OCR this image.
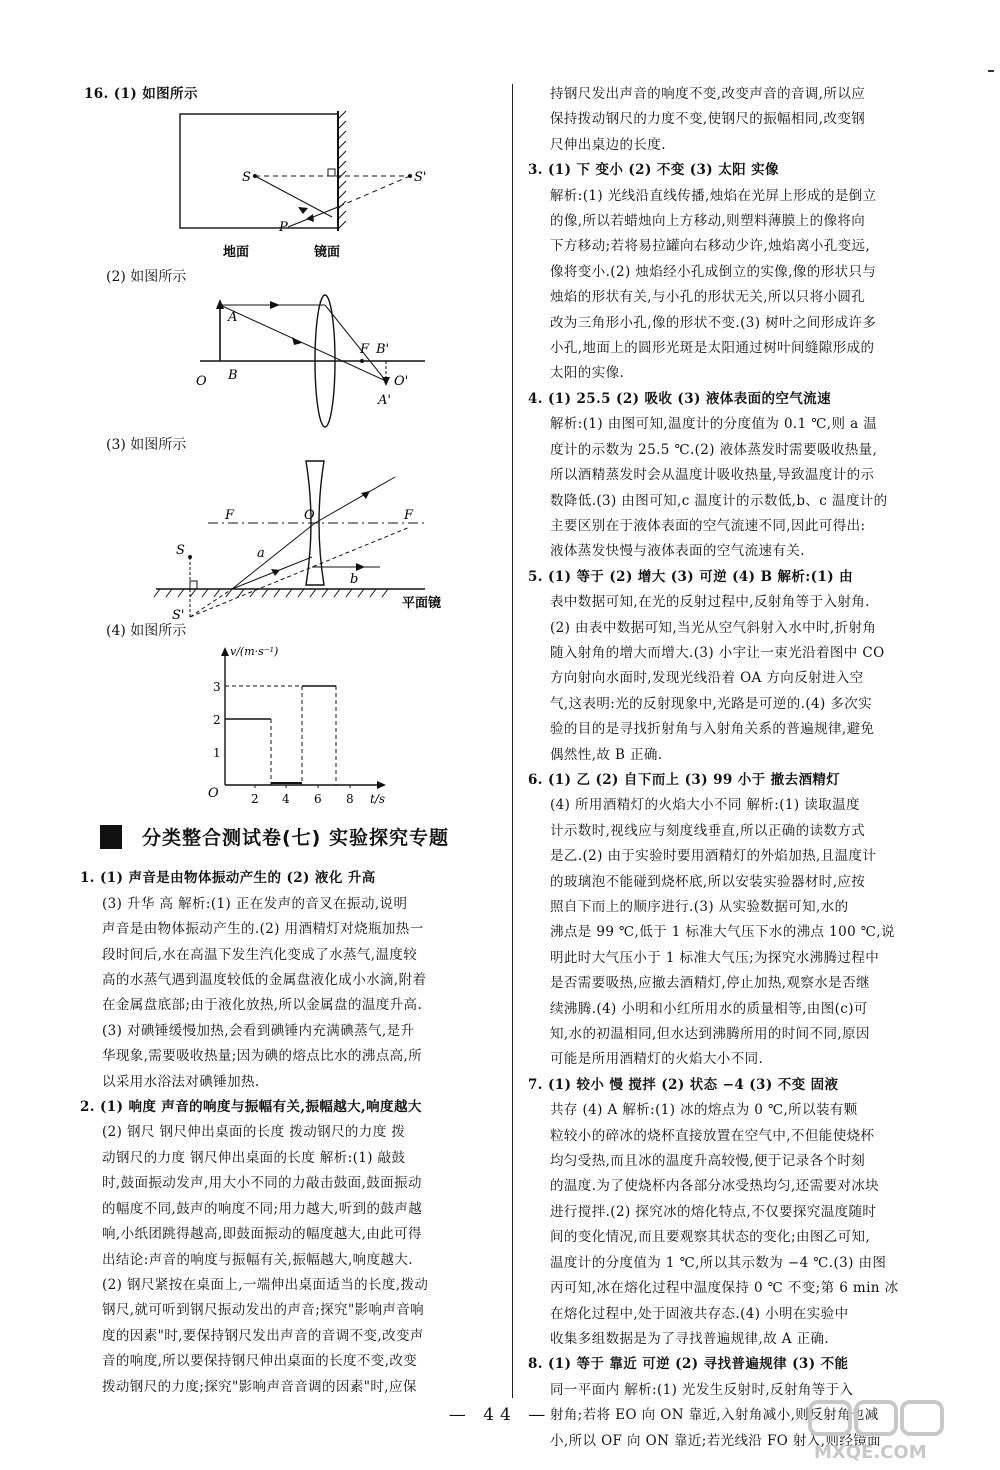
16. (1) 如图所示
S	S'
P
地面	镜面
(2) 如图所示
A
B
O
F B'
O'
A'
(3) 如图所示
F	O	F
S	a
b
S'
平面镜
(4) 如图所示
v/(m·s⁻¹)
t/s
O
3
2
1
2 4 6 8
分类整合测试卷(七) 实验探究专题
1. (1) 声音是由物体振动产生的 (2) 液化 升高
(3) 升华 高 解析:(1) 正在发声的音叉在振动,说明
声音是由物体振动产生的.(2) 用酒精灯对烧瓶加热一
段时间后,水在高温下发生汽化变成了水蒸气,温度较
高的水蒸气遇到温度较低的金属盘液化成小水滴,附着
在金属盘底部;由于液化放热,所以金属盘的温度升高.
(3) 对碘锤缓慢加热,会看到碘锤内充满碘蒸气,是升
华现象,需要吸收热量;因为碘的熔点比水的沸点高,所
以采用水浴法对碘锤加热.
2. (1) 响度 声音的响度与振幅有关,振幅越大,响度越大
(2) 钢尺 钢尺伸出桌面的长度 拨动钢尺的力度 拨
动钢尺的力度 钢尺伸出桌面的长度 解析:(1) 敲鼓
时,鼓面振动发声,用大小不同的力敲击鼓面,鼓面振动
的幅度不同,鼓声的响度不同;用力越大,听到的鼓声越
响,小纸团跳得越高,即鼓面振动的幅度越大,由此可得
出结论:声音的响度与振幅有关,振幅越大,响度越大.
(2) 钢尺紧按在桌面上,一端伸出桌面适当的长度,拨动
钢尺,就可听到钢尺振动发出的声音;探究"影响声音响
度的因素"时,要保持钢尺发出声音的音调不变,改变声
音的响度,所以要保持钢尺伸出桌面的长度不变,改变
拨动钢尺的力度;探究"影响声音音调的因素"时,应保
持钢尺发出声音的响度不变,改变声音的音调,所以应
保持拨动钢尺的力度不变,使钢尺的振幅相同,改变钢
尺伸出桌边的长度.
3. (1) 下 变小 (2) 不变 (3) 太阳 实像
解析:(1) 光线沿直线传播,烛焰在光屏上形成的是倒立
的像,所以若蜡烛向上方移动,则塑料薄膜上的像将向
下方移动;若将易拉罐向右移动少许,烛焰离小孔变远,
像将变小.(2) 烛焰经小孔成倒立的实像,像的形状只与
烛焰的形状有关,与小孔的形状无关,所以只将小圆孔
改为三角形小孔,像的形状不变.(3) 树叶之间形成许多
小孔,地面上的圆形光斑是太阳通过树叶间缝隙形成的
太阳的实像.
4. (1) 25.5 (2) 吸收 (3) 液体表面的空气流速
解析:(1) 由图可知,温度计的分度值为 0.1 ℃,则 a 温
度计的示数为 25.5 ℃.(2) 液体蒸发时需要吸收热量,
所以酒精蒸发时会从温度计吸收热量,导致温度计的示
数降低.(3) 由图可知,c 温度计的示数低,b、c 温度计的
主要区别在于液体表面的空气流速不同,因此可得出:
液体蒸发快慢与液体表面的空气流速有关.
5. (1) 等于 (2) 增大 (3) 可逆 (4) B 解析:(1) 由
表中数据可知,在光的反射过程中,反射角等于入射角.
(2) 由表中数据可知,当光从空气斜射入水中时,折射角
随入射角的增大而增大.(3) 小宇让一束光沿着图中 CO
方向射向水面时,发现光线沿着 OA 方向反射进入空
气,这表明:光的反射现象中,光路是可逆的.(4) 多次实
验的目的是寻找折射角与入射角关系的普遍规律,避免
偶然性,故 B 正确.
6. (1) 乙 (2) 自下而上 (3) 99 小于 撤去酒精灯
(4) 所用酒精灯的火焰大小不同 解析:(1) 读取温度
计示数时,视线应与刻度线垂直,所以正确的读数方式
是乙.(2) 由于实验时要用酒精灯的外焰加热,且温度计
的玻璃泡不能碰到烧杯底,所以安装实验器材时,应按
照自下而上的顺序进行.(3) 从实验数据可知,水的
沸点是 99 ℃,低于 1 标准大气压下水的沸点 100 ℃,说
明此时大气压小于 1 标准大气压;为探究水沸腾过程中
是否需要吸热,应撤去酒精灯,停止加热,观察水是否继
续沸腾.(4) 小明和小红所用水的质量相等,由图(c)可
知,水的初温相同,但水达到沸腾所用的时间不同,原因
可能是所用酒精灯的火焰大小不同.
7. (1) 较小 慢 搅拌 (2) 状态 −4 (3) 不变 固液
共存 (4) A 解析:(1) 冰的熔点为 0 ℃,所以装有颗
粒较小的碎冰的烧杯直接放置在空气中,不但能使烧杯
均匀受热,而且冰的温度升高较慢,便于记录各个时刻
的温度.为了使烧杯内各部分冰受热均匀,还需要对冰块
进行搅拌.(2) 探究冰的熔化特点,不仅要探究温度随时
间的变化情况,而且要观察其状态的变化;由图乙可知,
温度计的分度值为 1 ℃,所以其示数为 −4 ℃.(3) 由图
丙可知,冰在熔化过程中温度保持 0 ℃ 不变;第 6 min 冰
在熔化过程中,处于固液共存态.(4) 小明在实验中
收集多组数据是为了寻找普遍规律,故 A 正确.
8. (1) 等于 靠近 可逆 (2) 寻找普遍规律 (3) 不能
同一平面内 解析:(1) 光发生反射时,反射角等于入
射角;若将 EO 向 ON 靠近,入射角减小,则反射角也减
小,所以 OF 向 ON 靠近;若光线沿 FO 射入,则经镜面
— 44 —
MXQE.COM
